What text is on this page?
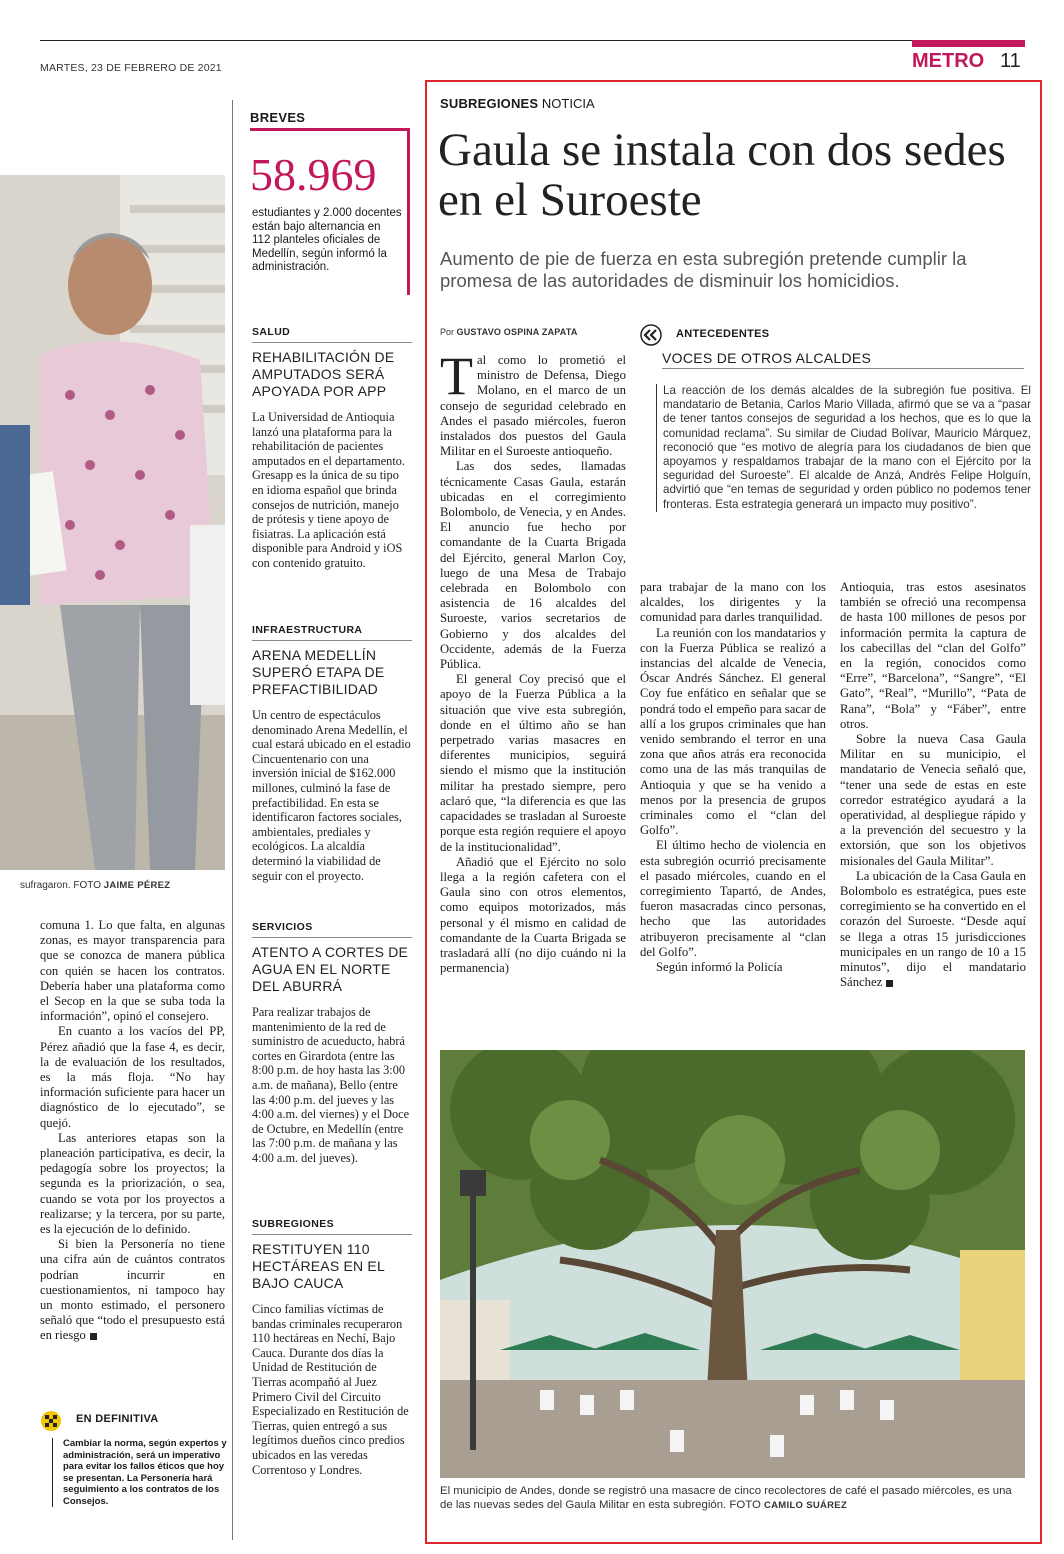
MARTES, 23 DE FEBRERO DE 2021	METRO 11
sufragaron. FOTO JAIME PÉREZ

comuna 1. Lo que falta, en algunas zonas, es mayor transparencia para que se conozca de manera pública con quién se hacen los contratos. Debería haber una plataforma como el Secop en la que se suba toda la información”, opinó el consejero.

En cuanto a los vacíos del PP, Pérez añadió que la fase 4, es decir, la de evaluación de los resultados, es la más floja. “No hay información suficiente para hacer un diagnóstico de lo ejecutado”, se quejó.

Las anteriores etapas son la planeación participativa, es decir, la pedagogía sobre los proyectos; la segunda es la priorización, o sea, cuando se vota por los proyectos a realizarse; y la tercera, por su parte, es la ejecución de lo definido.

Si bien la Personería no tiene una cifra aún de cuántos contratos podrían incurrir en cuestionamientos, ni tampoco hay un monto estimado, el personero señaló que “todo el presupuesto está en riesgo

EN DEFINITIVA
Cambiar la norma, según expertos y administración, será un imperativo para evitar los fallos éticos que hoy se presentan. La Personería hará seguimiento a los contratos de los Consejos.
BREVES
58.969
estudiantes y 2.000 docentes están bajo alternancia en 112 planteles oficiales de Medellín, según informó la administración.
SALUD
REHABILITACIÓN DE AMPUTADOS SERÁ APOYADA POR APP
La Universidad de Antioquia lanzó una plataforma para la rehabilitación de pacientes amputados en el departamento. Gresapp es la única de su tipo en idioma español que brinda consejos de nutrición, manejo de prótesis y tiene apoyo de fisiatras. La aplicación está disponible para Android y iOS con contenido gratuito.
INFRAESTRUCTURA
ARENA MEDELLÍN SUPERÓ ETAPA DE PREFACTIBILIDAD
Un centro de espectáculos denominado Arena Medellín, el cual estará ubicado en el estadio Cincuentenario con una inversión inicial de $162.000 millones, culminó la fase de prefactibilidad. En esta se identificaron factores sociales, ambientales, prediales y ecológicos. La alcaldía determinó la viabilidad de seguir con el proyecto.
SERVICIOS
ATENTO A CORTES DE AGUA EN EL NORTE DEL ABURRÁ
Para realizar trabajos de mantenimiento de la red de suministro de acueducto, habrá cortes en Girardota (entre las 8:00 p.m. de hoy hasta las 3:00 a.m. de mañana), Bello (entre las 4:00 p.m. del jueves y las 4:00 a.m. del viernes) y el Doce de Octubre, en Medellín (entre las 7:00 p.m. de mañana y las 4:00 a.m. del jueves).
SUBREGIONES
RESTITUYEN 110 HECTÁREAS EN EL BAJO CAUCA
Cinco familias víctimas de bandas criminales recuperaron 110 hectáreas en Nechí, Bajo Cauca. Durante dos días la Unidad de Restitución de Tierras acompañó al Juez Primero Civil del Circuito Especializado en Restitución de Tierras, quien entregó a sus legítimos dueños cinco predios ubicados en las veredas Correntoso y Londres.
SUBREGIONES NOTICIA
Gaula se instala con dos sedes en el Suroeste
Aumento de pie de fuerza en esta subregión pretende cumplir la promesa de las autoridades de disminuir los homicidios.
Por GUSTAVO OSPINA ZAPATA

Tal como lo prometió el ministro de Defensa, Diego Molano, en el marco de un consejo de seguridad celebrado en Andes el pasado miércoles, fueron instalados dos puestos del Gaula Militar en el Suroeste antioqueño.

Las dos sedes, llamadas técnicamente Casas Gaula, estarán ubicadas en el corregimiento Bolombolo, de Venecia, y en Andes. El anuncio fue hecho por comandante de la Cuarta Brigada del Ejército, general Marlon Coy, luego de una Mesa de Trabajo celebrada en Bolombolo con asistencia de 16 alcaldes del Suroeste, varios secretarios de Gobierno y dos alcaldes del Occidente, además de la Fuerza Pública.

El general Coy precisó que el apoyo de la Fuerza Pública a la situación que vive esta subregión, donde en el último año se han perpetrado varias masacres en diferentes municipios, seguirá siendo el mismo que la institución militar ha prestado siempre, pero aclaró que, “la diferencia es que las capacidades se trasladan al Suroeste porque esta región requiere el apoyo de la institucionalidad”.

Añadió que el Ejército no solo llega a la región cafetera con el Gaula sino con otros elementos, como equipos motorizados, más personal y él mismo en calidad de comandante de la Cuarta Brigada se trasladará allí (no dijo cuándo ni la permanencia)

ANTECEDENTES
VOCES DE OTROS ALCALDES
La reacción de los demás alcaldes de la subregión fue positiva. El mandatario de Betania, Carlos Mario Villada, afirmó que se va a “pasar de tener tantos consejos de seguridad a los hechos, que es lo que la comunidad reclama”. Su similar de Ciudad Bolívar, Mauricio Márquez, reconoció que “es motivo de alegría para los ciudadanos de bien que apoyamos y respaldamos trabajar de la mano con el Ejército por la seguridad del Suroeste”. El alcalde de Anzá, Andrés Felipe Holguín, advirtió que “en temas de seguridad y orden público no podemos tener fronteras. Esta estrategia generará un impacto muy positivo”.

para trabajar de la mano con los alcaldes, los dirigentes y la comunidad para darles tranquilidad.

La reunión con los mandatarios y con la Fuerza Pública se realizó a instancias del alcalde de Venecia, Óscar Andrés Sánchez. El general Coy fue enfático en señalar que se pondrá todo el empeño para sacar de allí a los grupos criminales que han venido sembrando el terror en una zona que años atrás era reconocida como una de las más tranquilas de Antioquia y que se ha venido a menos por la presencia de grupos criminales como el “clan del Golfo”.

El último hecho de violencia en esta subregión ocurrió precisamente el pasado miércoles, cuando en el corregimiento Tapartó, de Andes, fueron masacradas cinco personas, hecho que las autoridades atribuyeron precisamente al “clan del Golfo”.

Según informó la Policía

Antioquia, tras estos asesinatos también se ofreció una recompensa de hasta 100 millones de pesos por información permita la captura de los cabecillas del “clan del Golfo” en la región, conocidos como “Erre”, “Barcelona”, “Sangre”, “El Gato”, “Real”, “Murillo”, “Pata de Rana”, “Bola” y “Fáber”, entre otros.

Sobre la nueva Casa Gaula Militar en su municipio, el mandatario de Venecia señaló que, “tener una sede de estas en este corredor estratégico ayudará a la operatividad, al despliegue rápido y a la prevención del secuestro y la extorsión, que son los objetivos misionales del Gaula Militar”.

La ubicación de la Casa Gaula en Bolombolo es estratégica, pues este corregimiento se ha convertido en el corazón del Suroeste. “Desde aquí se llega a otras 15 jurisdicciones municipales en un rango de 10 a 15 minutos”, dijo el mandatario Sánchez

El municipio de Andes, donde se registró una masacre de cinco recolectores de café el pasado miércoles, es una de las nuevas sedes del Gaula Militar en esta subregión. FOTO CAMILO SUÁREZ
